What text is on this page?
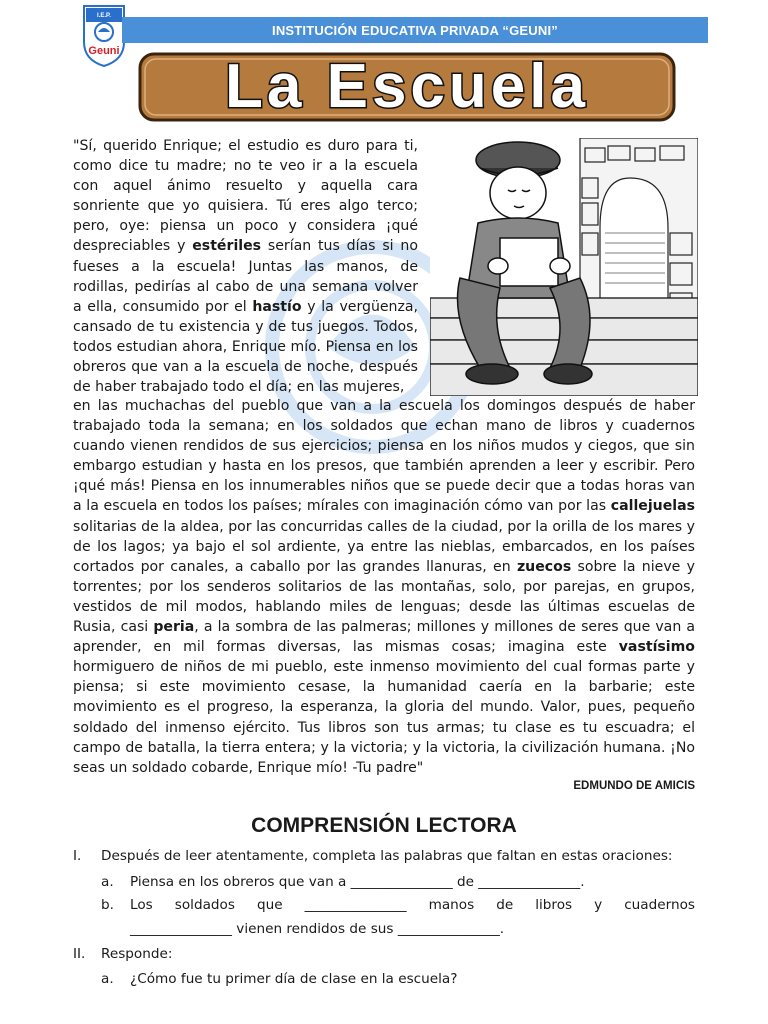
I.E.P.
Geuni
INSTITUCIÓN EDUCATIVA PRIVADA “GEUNI”
La Escuela
"Sí, querido Enrique; el estudio es duro para ti, como dice tu madre; no te veo ir a la escuela con aquel ánimo resuelto y aquella cara sonriente que yo quisiera. Tú eres algo terco; pero, oye: piensa un poco y considera ¡qué despreciables y estériles serían tus días si no fueses a la escuela! Juntas las manos, de rodillas, pedirías al cabo de una semana volver a ella, consumido por el hastío y la vergüenza, cansado de tu existencia y de tus juegos. Todos, todos estudian ahora, Enrique mío. Piensa en los obreros que van a la escuela de noche, después de haber trabajado todo el día; en las mujeres,
en las muchachas del pueblo que van a la escuela los domingos después de haber trabajado toda la semana; en los soldados que echan mano de libros y cuadernos cuando vienen rendidos de sus ejercicios; piensa en los niños mudos y ciegos, que sin embargo estudian y hasta en los presos, que también aprenden a leer y escribir. Pero ¡qué más! Piensa en los innumerables niños que se puede decir que a todas horas van a la escuela en todos los países; mírales con imaginación cómo van por las callejuelas solitarias de la aldea, por las concurridas calles de la ciudad, por la orilla de los mares y de los lagos; ya bajo el sol ardiente, ya entre las nieblas, embarcados, en los países cortados por canales, a caballo por las grandes llanuras, en zuecos sobre la nieve y torrentes; por los senderos solitarios de las montañas, solo, por parejas, en grupos, vestidos de mil modos, hablando miles de lenguas; desde las últimas escuelas de Rusia, casi peria, a la sombra de las palmeras; millones y millones de seres que van a aprender, en mil formas diversas, las mismas cosas; imagina este vastísimo hormiguero de niños de mi pueblo, este inmenso movimiento del cual formas parte y piensa; si este movimiento cesase, la humanidad caería en la barbarie; este movimiento es el progreso, la esperanza, la gloria del mundo. Valor, pues, pequeño soldado del inmenso ejército. Tus libros son tus armas; tu clase es tu escuadra; el campo de batalla, la tierra entera; y la victoria; y la victoria, la civilización humana. ¡No seas un soldado cobarde, Enrique mío! -Tu padre"
EDMUNDO DE AMICIS
COMPRENSIÓN LECTORA
I. Después de leer atentamente, completa las palabras que faltan en estas oraciones:
a. Piensa en los obreros que van a _______________ de _______________.
b. Los soldados que _______________ manos de libros y cuadernos
_______________ vienen rendidos de sus _______________.
II. Responde:
a. ¿Cómo fue tu primer día de clase en la escuela?
